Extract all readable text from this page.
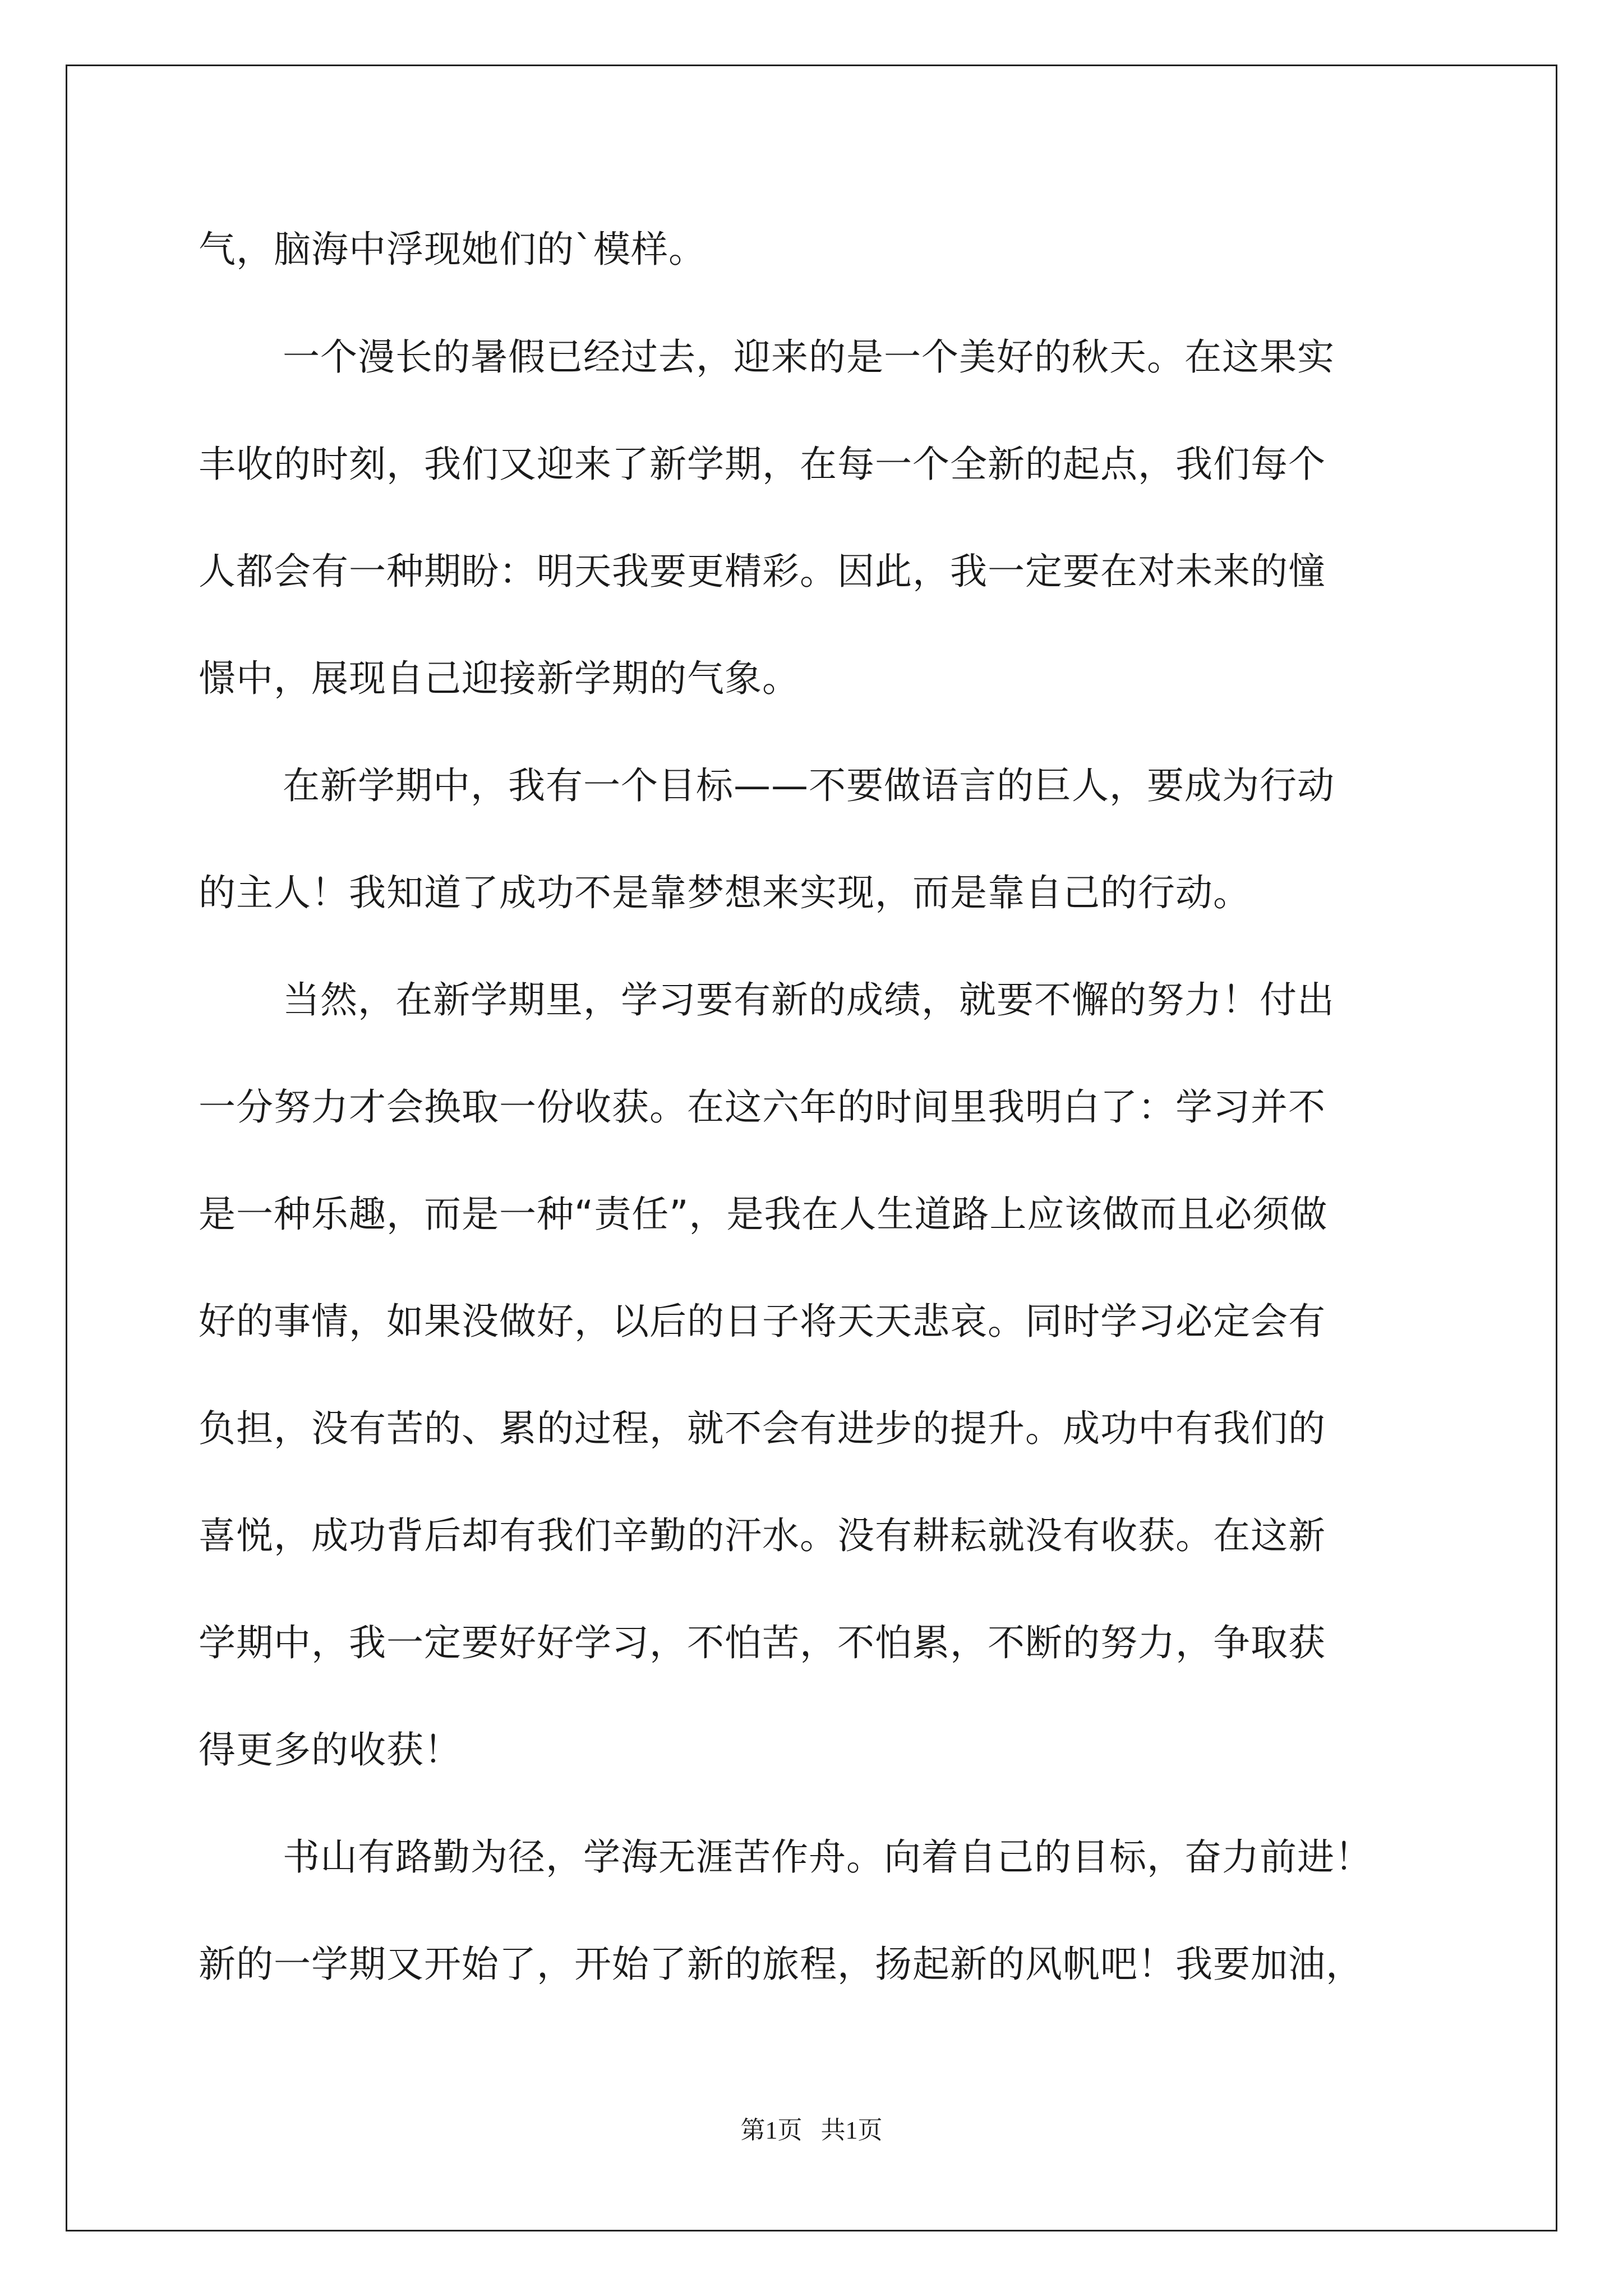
气，脑海中浮现她们的`模样。
一个漫长的暑假已经过去，迎来的是一个美好的秋天。在这果实
丰收的时刻，我们又迎来了新学期，在每一个全新的起点，我们每个
人都会有一种期盼：明天我要更精彩。因此，我一定要在对未来的憧
憬中，展现自己迎接新学期的气象。
在新学期中，我有一个目标——不要做语言的巨人，要成为行动
的主人！我知道了成功不是靠梦想来实现，而是靠自己的行动。
当然，在新学期里，学习要有新的成绩，就要不懈的努力！付出
一分努力才会换取一份收获。在这六年的时间里我明白了：学习并不
是一种乐趣，而是一种“责任”，是我在人生道路上应该做而且必须做
好的事情，如果没做好，以后的日子将天天悲哀。同时学习必定会有
负担，没有苦的、累的过程，就不会有进步的提升。成功中有我们的
喜悦，成功背后却有我们辛勤的汗水。没有耕耘就没有收获。在这新
学期中，我一定要好好学习，不怕苦，不怕累，不断的努力，争取获
得更多的收获！
书山有路勤为径，学海无涯苦作舟。向着自己的目标，奋力前进！
新的一学期又开始了，开始了新的旅程，扬起新的风帆吧！我要加油，
第1页 共1页
